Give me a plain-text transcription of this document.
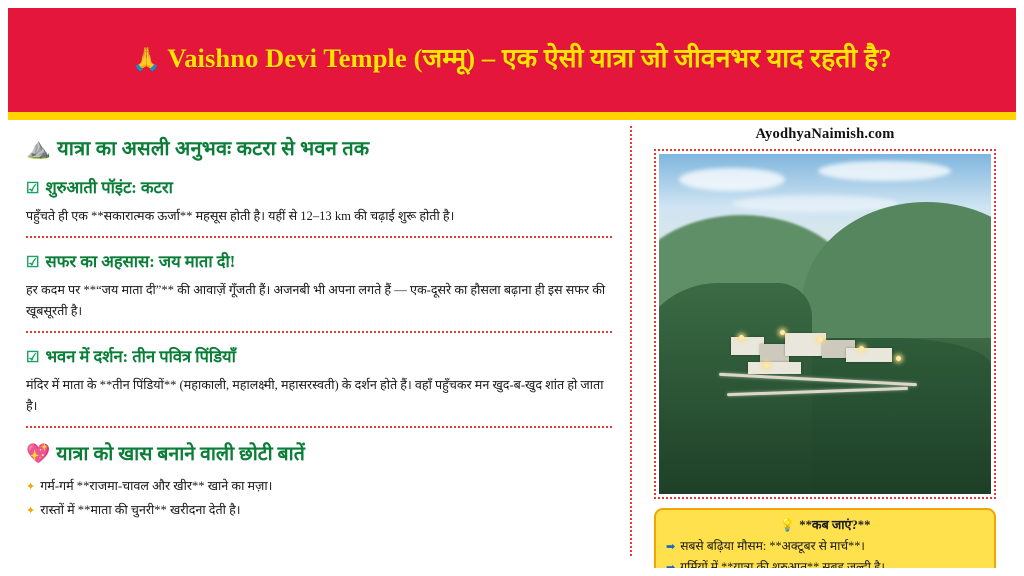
🙏 Vaishno Devi Temple (जम्मू) – एक ऐसी यात्रा जो जीवनभर याद रहती है?
⛰️ यात्रा का असली अनुभवः कटरा से भवन तक
☑ शुरुआती पॉइंट: कटरा

पहुँचते ही एक **सकारात्मक ऊर्जा** महसूस होती है। यहीं से 12–13 km की चढ़ाई शुरू होती है।

☑ सफर का अहसास: जय माता दी!

हर कदम पर **“जय माता दी”** की आवाज़ें गूँजती हैं। अजनबी भी अपना लगते हैं — एक-दूसरे का हौसला बढ़ाना ही इस सफर की खूबसूरती है।

☑ भवन में दर्शन: तीन पवित्र पिंडियाँ

मंदिर में माता के **तीन पिंडियों** (महाकाली, महालक्ष्मी, महासरस्वती) के दर्शन होते हैं। वहाँ पहुँचकर मन खुद-ब-खुद शांत हो जाता है।

💖 यात्रा को खास बनाने वाली छोटी बातें
✦ गर्म-गर्म **राजमा-चावल और खीर** खाने का मज़ा।
✦ रास्तों में **माता की चुनरी** खरीदना देती है।
AyodhyaNaimish.com
💡 **कब जाएं?**
➡ सबसे बढ़िया मौसम: **अक्टूबर से मार्च**।
